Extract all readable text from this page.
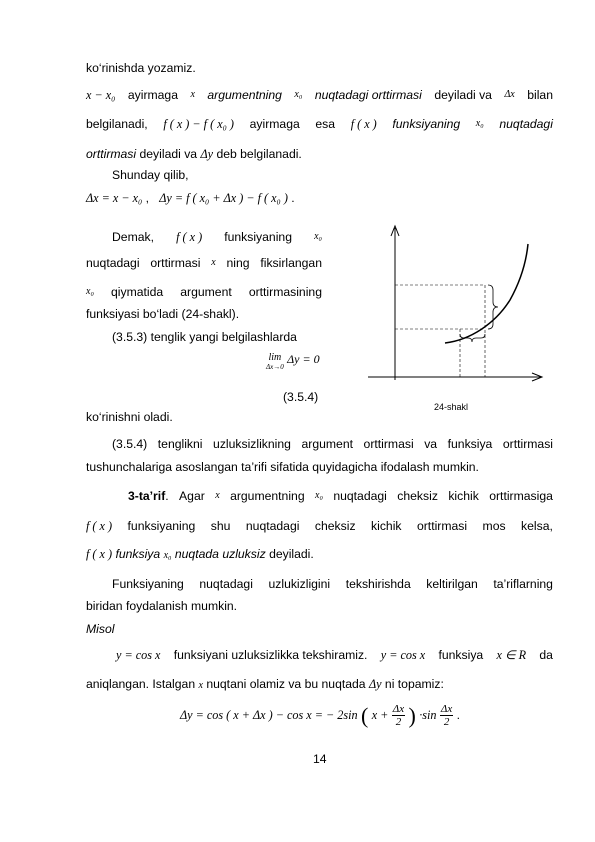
ko‘rinishda yozamiz.
x − x₀ ayirmaga x argumentning x₀ nuqtadagi orttirmasi deyiladi va Δx bilan
belgilanadi, f ( x ) − f ( x₀ ) ayirmaga esa f ( x ) funksiyaning x₀ nuqtadagi
orttirmasi deyiladi va Δy deb belgilanadi.
Shunday qilib,
Δx = x − x₀ , Δy = f ( x₀ + Δx ) − f ( x₀ ) .
Demak, f ( x ) funksiyaning x₀
nuqtadagi orttirmasi x ning fiksirlangan
x₀ qiymatida argument orttirmasining
funksiyasi bo‘ladi (24-shakl).
(3.5.3) tenglik yangi belgilashlarda
lim
Δx→0
Δy = 0
(3.5.4)
ko‘rinishni oladi.
24-shakl
(3.5.4) tenglikni uzluksizlikning argument orttirmasi va funksiya orttirmasi
tushunchalariga asoslangan ta’rifi sifatida quyidagicha ifodalash mumkin.
3-ta’rif. Agar x argumentning x₀ nuqtadagi cheksiz kichik orttirmasiga
f ( x ) funksiyaning shu nuqtadagi cheksiz kichik orttirmasi mos kelsa,
f ( x ) funksiya x₀ nuqtada uzluksiz deyiladi.
Funksiyaning nuqtadagi uzlukizligini tekshirishda keltirilgan ta’riflarning
biridan foydalanish mumkin.
Misol
y = cos x funksiyani uzluksizlikka tekshiramiz. y = cos x funksiya x ∈ R da
aniqlangan. Istalgan x nuqtani olamiz va bu nuqtada Δy ni topamiz:
Δy = cos ( x + Δx ) − cos x = − 2sin ( $x + \frac{\Delta x}{2}$ ) $\cdot\sin \frac{\Delta x}{2}$ .
14
